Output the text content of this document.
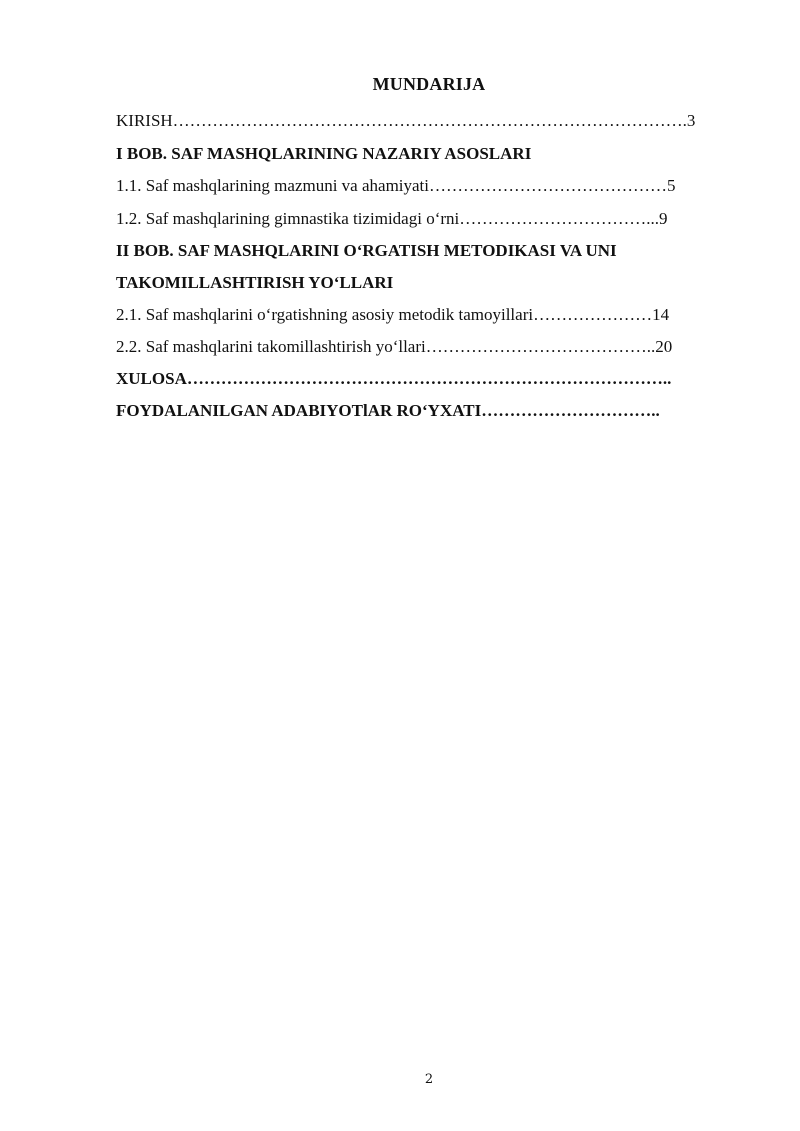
MUNDARIJA
KIRISH……………………………………………………………………………….3
I BOB. SAF MASHQLARINING NAZARIY ASOSLARI
1.1. Saf mashqlarining mazmuni va ahamiyati……………………………………5
1.2. Saf mashqlarining gimnastika tizimidagi o‘rni……………………………...9
II BOB. SAF MASHQLARINI O‘RGATISH METODIKASI VA UNI
TAKOMILLASHTIRISH YO‘LLARI
2.1. Saf mashqlarini o‘rgatishning asosiy metodik tamoyillari…………………14
2.2. Saf mashqlarini takomillashtirish yo‘llari…………………………………..20
XULOSA…………………………………………………………………………..
FOYDALANILGAN ADABIYOTlAR RO‘YXATI…………………………..
2
